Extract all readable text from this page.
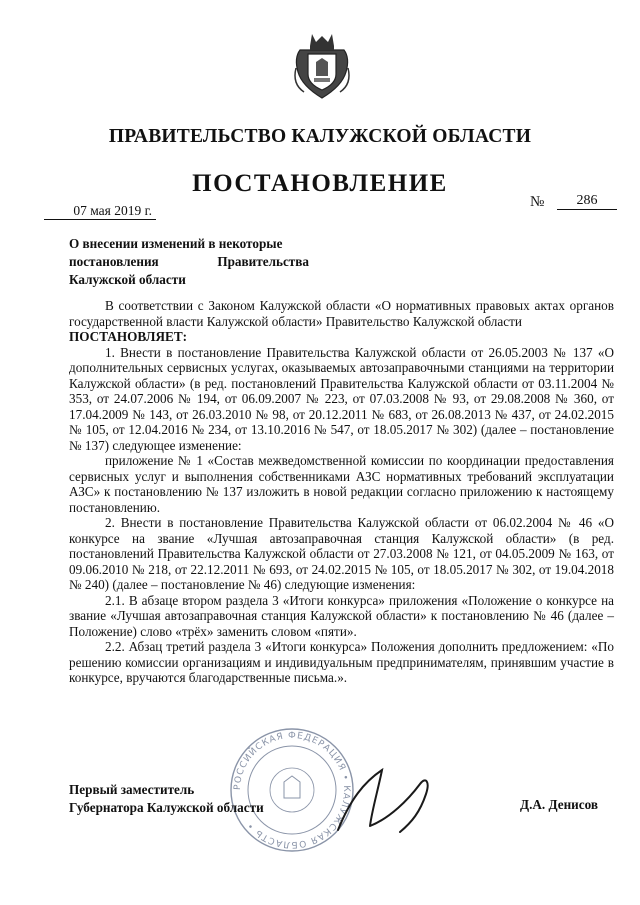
ПРАВИТЕЛЬСТВО КАЛУЖСКОЙ ОБЛАСТИ
ПОСТАНОВЛЕНИЕ
07 мая 2019 г.
№	286
О внесении изменений в некоторые
постановления	Правительства
Калужской области

В соответствии с Законом Калужской области «О нормативных правовых актах органов государственной власти Калужской области» Правительство Калужской области

ПОСТАНОВЛЯЕТ:

1. Внести в постановление Правительства Калужской области от 26.05.2003 № 137 «О дополнительных сервисных услугах, оказываемых автозаправочными станциями на территории Калужской области» (в ред. постановлений Правительства Калужской области от 03.11.2004 № 353, от 24.07.2006 № 194, от 06.09.2007 № 223, от 07.03.2008 № 93, от 29.08.2008 № 360, от 17.04.2009 № 143, от 26.03.2010 № 98, от 20.12.2011 № 683, от 26.08.2013 № 437, от 24.02.2015 № 105, от 12.04.2016 № 234, от 13.10.2016 № 547, от 18.05.2017 № 302) (далее – постановление № 137) следующее изменение:

приложение № 1 «Состав межведомственной комиссии по координации предоставления сервисных услуг и выполнения собственниками АЗС нормативных требований эксплуатации АЗС» к постановлению № 137 изложить в новой редакции согласно приложению к настоящему постановлению.

2. Внести в постановление Правительства Калужской области от 06.02.2004 № 46 «О конкурсе на звание «Лучшая автозаправочная станция Калужской области» (в ред. постановлений Правительства Калужской области от 27.03.2008 № 121, от 04.05.2009 № 163, от 09.06.2010 № 218, от 22.12.2011 № 693, от 24.02.2015 № 105, от 18.05.2017 № 302, от 19.04.2018 № 240) (далее – постановление № 46) следующие изменения:

2.1. В абзаце втором раздела 3 «Итоги конкурса» приложения «Положение о конкурсе на звание «Лучшая автозаправочная станция Калужской области» к постановлению № 46 (далее – Положение) слово «трёх» заменить словом «пяти».

2.2. Абзац третий раздела 3 «Итоги конкурса» Положения дополнить предложением: «По решению комиссии организациям и индивидуальным предпринимателям, принявшим участие в конкурсе, вручаются благодарственные письма.».

РОССИЙСКАЯ ФЕДЕРАЦИЯ • КАЛУЖСКАЯ ОБЛАСТЬ •
Первый заместитель
Губернатора Калужской области	Д.А. Денисов
